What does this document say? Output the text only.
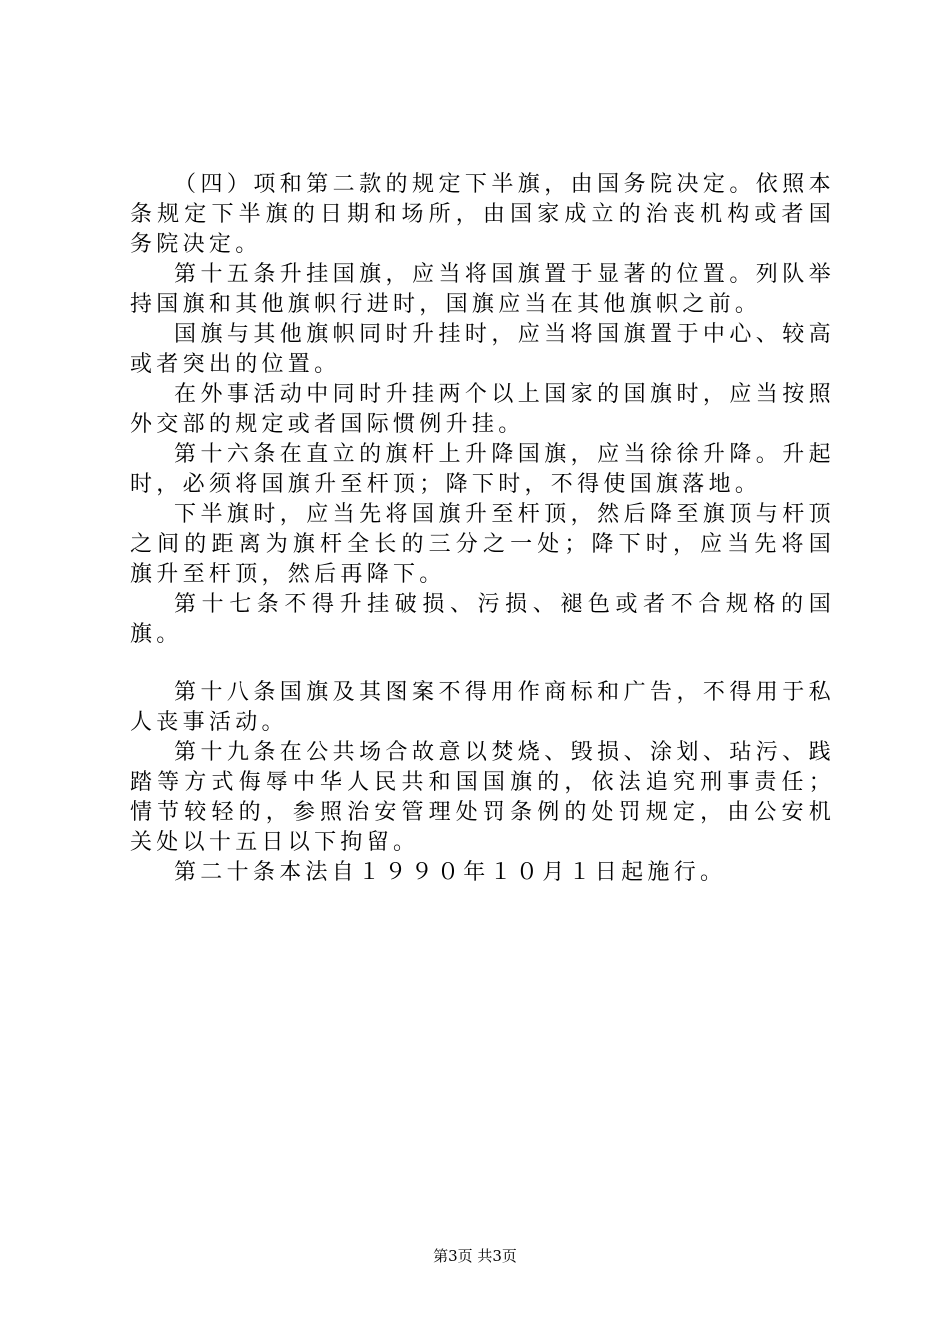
（四）项和第二款的规定下半旗，由国务院决定。依照本条规定下半旗的日期和场所，由国家成立的治丧机构或者国务院决定。

第十五条升挂国旗，应当将国旗置于显著的位置。列队举持国旗和其他旗帜行进时，国旗应当在其他旗帜之前。

国旗与其他旗帜同时升挂时，应当将国旗置于中心、较高或者突出的位置。

在外事活动中同时升挂两个以上国家的国旗时，应当按照外交部的规定或者国际惯例升挂。

第十六条在直立的旗杆上升降国旗，应当徐徐升降。升起时，必须将国旗升至杆顶；降下时，不得使国旗落地。

下半旗时，应当先将国旗升至杆顶，然后降至旗顶与杆顶之间的距离为旗杆全长的三分之一处；降下时，应当先将国旗升至杆顶，然后再降下。

第十七条不得升挂破损、污损、褪色或者不合规格的国旗。

第十八条国旗及其图案不得用作商标和广告，不得用于私人丧事活动。

第十九条在公共场合故意以焚烧、毁损、涂划、玷污、践踏等方式侮辱中华人民共和国国旗的，依法追究刑事责任；情节较轻的，参照治安管理处罚条例的处罚规定，由公安机关处以十五日以下拘留。

第二十条本法自１９９０年１０月１日起施行。

第3页 共3页
